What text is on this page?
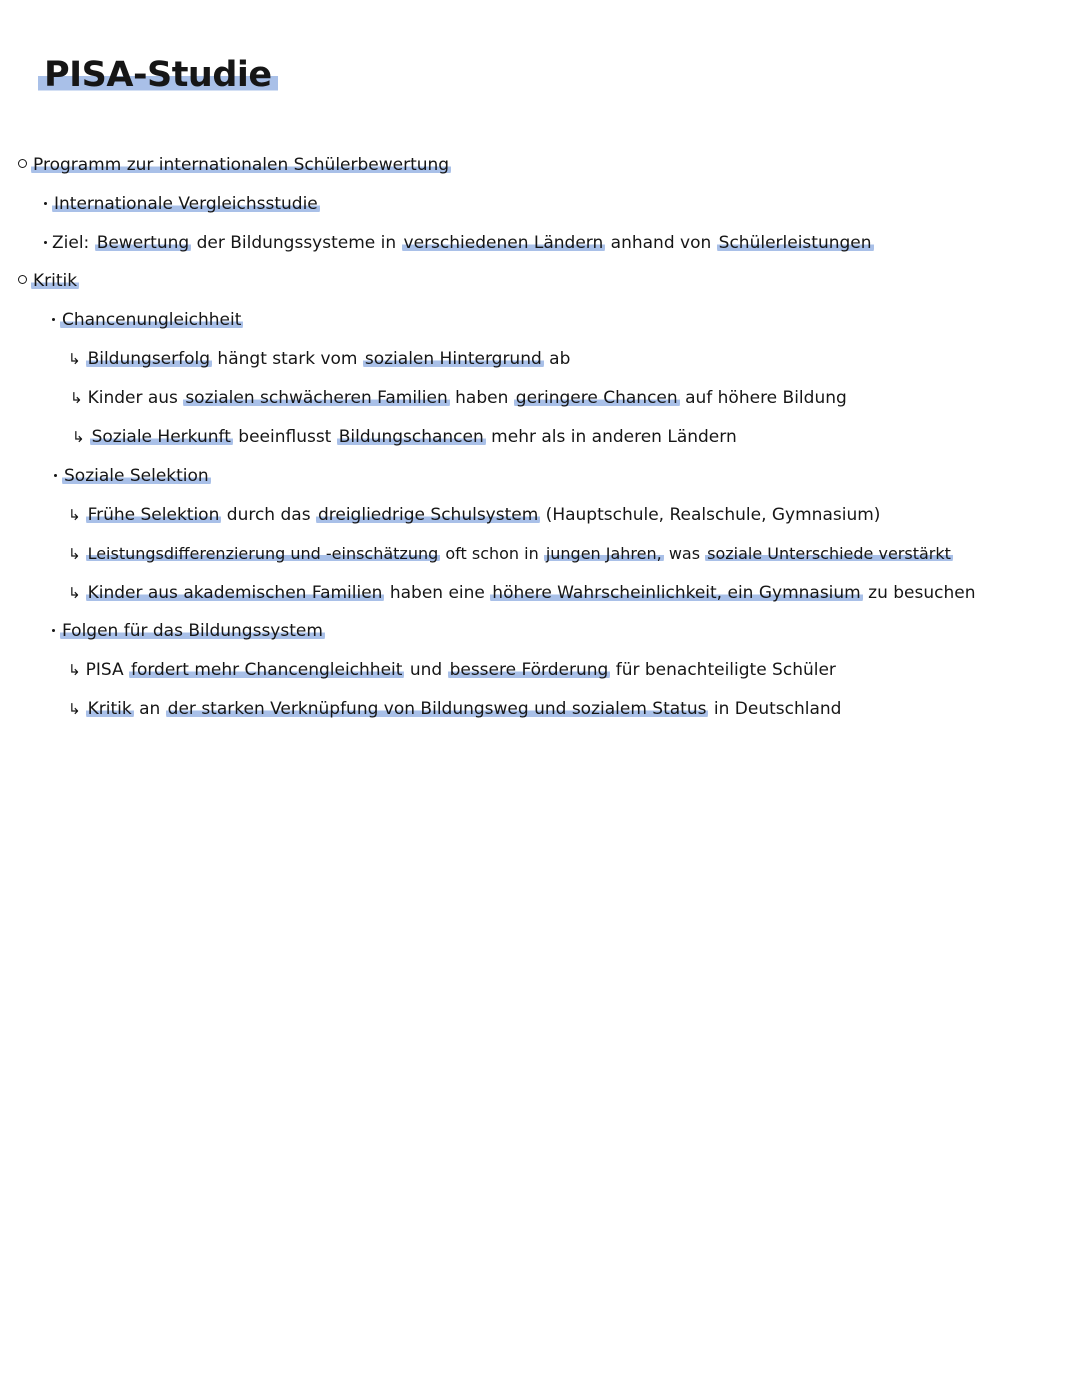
PISA-Studie
Programm zur internationalen Schülerbewertung
Internationale Vergleichsstudie
Ziel: Bewertung der Bildungssysteme in verschiedenen Ländern anhand von Schülerleistungen
Kritik
Chancenungleichheit
↳ Bildungserfolg hängt stark vom sozialen Hintergrund ab
↳ Kinder aus sozialen schwächeren Familien haben geringere Chancen auf höhere Bildung
↳ Soziale Herkunft beeinflusst Bildungschancen mehr als in anderen Ländern
Soziale Selektion
↳ Frühe Selektion durch das dreigliedrige Schulsystem (Hauptschule, Realschule, Gymnasium)
↳ Leistungsdifferenzierung und -einschätzung oft schon in jungen Jahren, was soziale Unterschiede verstärkt
↳ Kinder aus akademischen Familien haben eine höhere Wahrscheinlichkeit, ein Gymnasium zu besuchen
Folgen für das Bildungssystem
↳ PISA fordert mehr Chancengleichheit und bessere Förderung für benachteiligte Schüler
↳ Kritik an der starken Verknüpfung von Bildungsweg und sozialem Status in Deutschland
